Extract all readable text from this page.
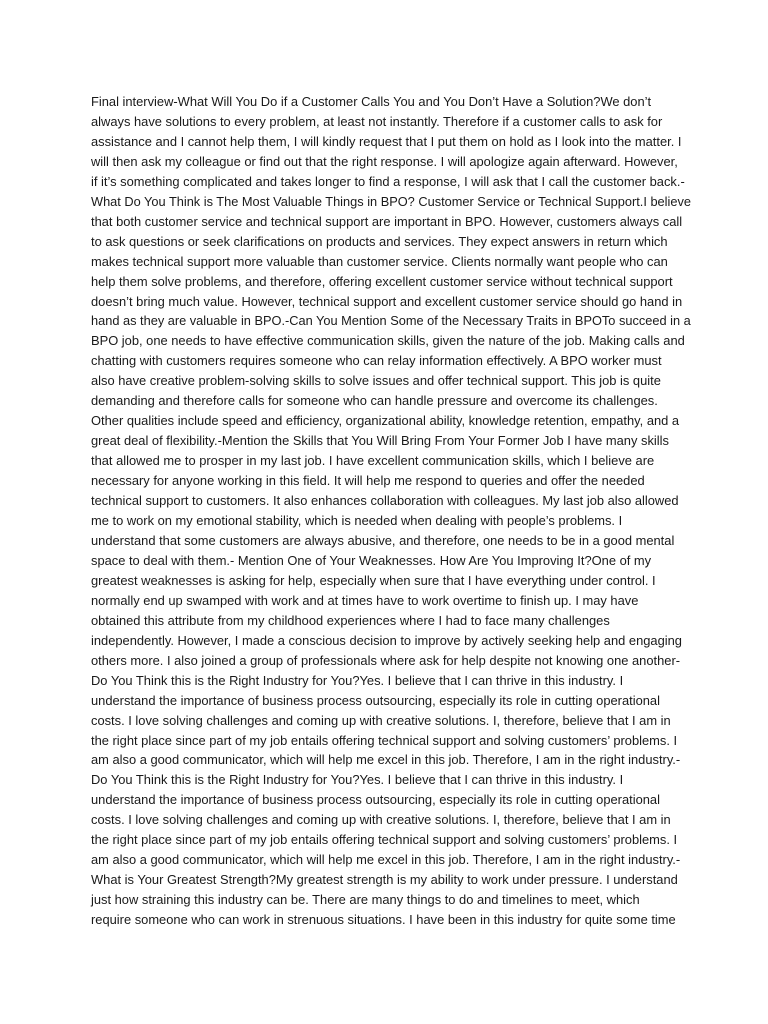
Final interview-What Will You Do if a Customer Calls You and You Don’t Have a Solution?We don’t
always have solutions to every problem, at least not instantly. Therefore if a customer calls to ask for
assistance and I cannot help them, I will kindly request that I put them on hold as I look into the matter. I
will then ask my colleague or find out that the right response. I will apologize again afterward. However,
if it’s something complicated and takes longer to find a response, I will ask that I call the customer back.-
What Do You Think is The Most Valuable Things in BPO? Customer Service or Technical Support.I believe
that both customer service and technical support are important in BPO. However, customers always call
to ask questions or seek clarifications on products and services. They expect answers in return which
makes technical support more valuable than customer service. Clients normally want people who can
help them solve problems, and therefore, offering excellent customer service without technical support
doesn’t bring much value. However, technical support and excellent customer service should go hand in
hand as they are valuable in BPO.-Can You Mention Some of the Necessary Traits in BPOTo succeed in a
BPO job, one needs to have effective communication skills, given the nature of the job. Making calls and
chatting with customers requires someone who can relay information effectively. A BPO worker must
also have creative problem-solving skills to solve issues and offer technical support. This job is quite
demanding and therefore calls for someone who can handle pressure and overcome its challenges.
Other qualities include speed and efficiency, organizational ability, knowledge retention, empathy, and a
great deal of flexibility.-Mention the Skills that You Will Bring From Your Former Job I have many skills
that allowed me to prosper in my last job. I have excellent communication skills, which I believe are
necessary for anyone working in this field. It will help me respond to queries and offer the needed
technical support to customers. It also enhances collaboration with colleagues. My last job also allowed
me to work on my emotional stability, which is needed when dealing with people’s problems. I
understand that some customers are always abusive, and therefore, one needs to be in a good mental
space to deal with them.- Mention One of Your Weaknesses. How Are You Improving It?One of my
greatest weaknesses is asking for help, especially when sure that I have everything under control. I
normally end up swamped with work and at times have to work overtime to finish up. I may have
obtained this attribute from my childhood experiences where I had to face many challenges
independently. However, I made a conscious decision to improve by actively seeking help and engaging
others more. I also joined a group of professionals where ask for help despite not knowing one another-
Do You Think this is the Right Industry for You?Yes. I believe that I can thrive in this industry. I
understand the importance of business process outsourcing, especially its role in cutting operational
costs. I love solving challenges and coming up with creative solutions. I, therefore, believe that I am in
the right place since part of my job entails offering technical support and solving customers’ problems. I
am also a good communicator, which will help me excel in this job. Therefore, I am in the right industry.-
Do You Think this is the Right Industry for You?Yes. I believe that I can thrive in this industry. I
understand the importance of business process outsourcing, especially its role in cutting operational
costs. I love solving challenges and coming up with creative solutions. I, therefore, believe that I am in
the right place since part of my job entails offering technical support and solving customers’ problems. I
am also a good communicator, which will help me excel in this job. Therefore, I am in the right industry.-
What is Your Greatest Strength?My greatest strength is my ability to work under pressure. I understand
just how straining this industry can be. There are many things to do and timelines to meet, which
require someone who can work in strenuous situations. I have been in this industry for quite some time
